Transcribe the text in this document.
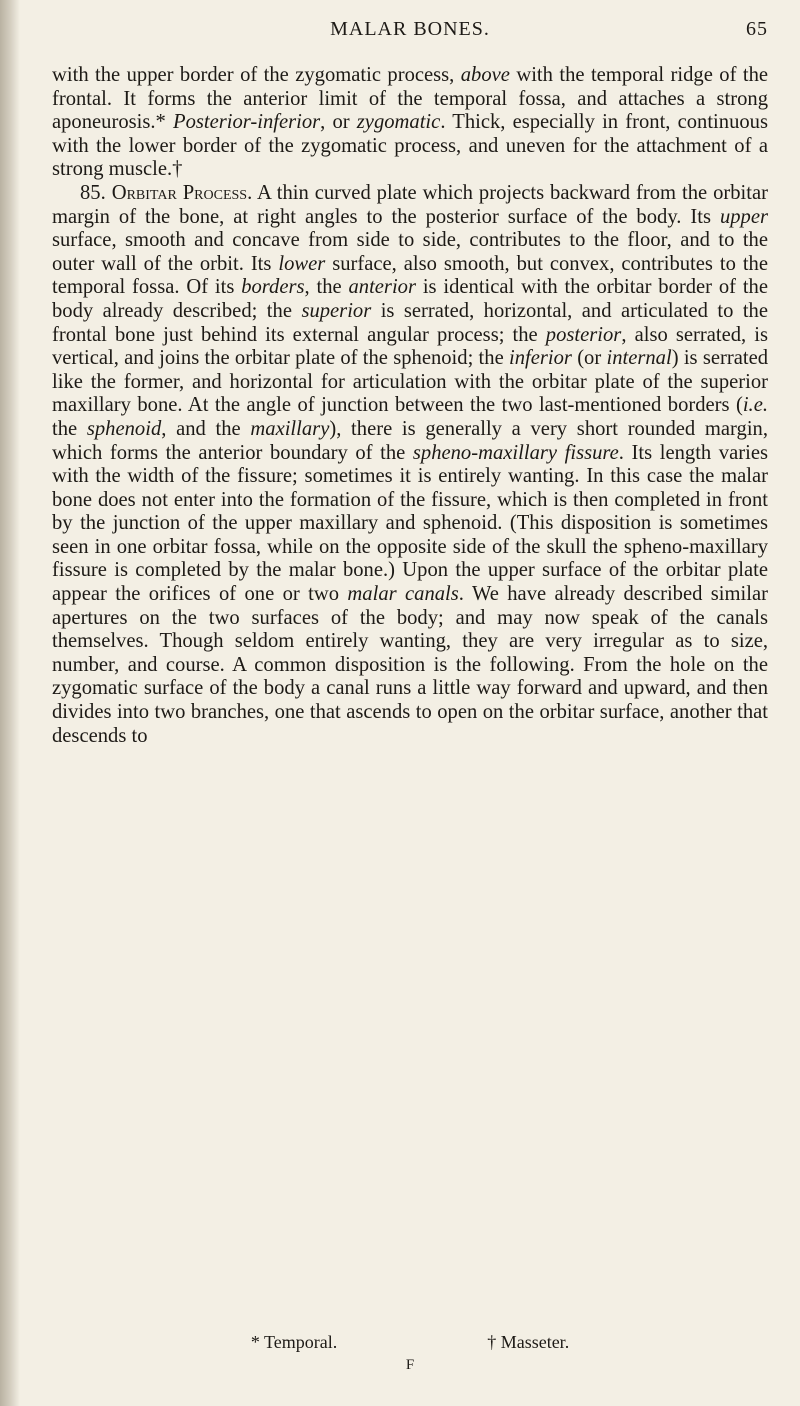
MALAR BONES.	65

with the upper border of the zygomatic process, above with the temporal ridge of the frontal. It forms the anterior limit of the temporal fossa, and attaches a strong aponeurosis.* Posterior-inferior, or zygomatic. Thick, especially in front, continuous with the lower border of the zygomatic process, and uneven for the attachment of a strong muscle.†

85. Orbitar Process. A thin curved plate which projects backward from the orbitar margin of the bone, at right angles to the posterior surface of the body. Its upper surface, smooth and concave from side to side, contributes to the floor, and to the outer wall of the orbit. Its lower surface, also smooth, but convex, contributes to the temporal fossa. Of its borders, the anterior is identical with the orbitar border of the body already described; the superior is serrated, horizontal, and articulated to the frontal bone just behind its external angular process; the posterior, also serrated, is vertical, and joins the orbitar plate of the sphenoid; the inferior (or internal) is serrated like the former, and horizontal for articulation with the orbitar plate of the superior maxillary bone. At the angle of junction between the two last-mentioned borders (i.e. the sphenoid, and the maxillary), there is generally a very short rounded margin, which forms the anterior boundary of the spheno-maxillary fissure. Its length varies with the width of the fissure; sometimes it is entirely wanting. In this case the malar bone does not enter into the formation of the fissure, which is then completed in front by the junction of the upper maxillary and sphenoid. (This disposition is sometimes seen in one orbitar fossa, while on the opposite side of the skull the spheno-maxillary fissure is completed by the malar bone.) Upon the upper surface of the orbitar plate appear the orifices of one or two malar canals. We have already described similar apertures on the two surfaces of the body; and may now speak of the canals themselves. Though seldom entirely wanting, they are very irregular as to size, number, and course. A common disposition is the following. From the hole on the zygomatic surface of the body a canal runs a little way forward and upward, and then divides into two branches, one that ascends to open on the orbitar surface, another that descends to

* Temporal.	† Masseter.
F
